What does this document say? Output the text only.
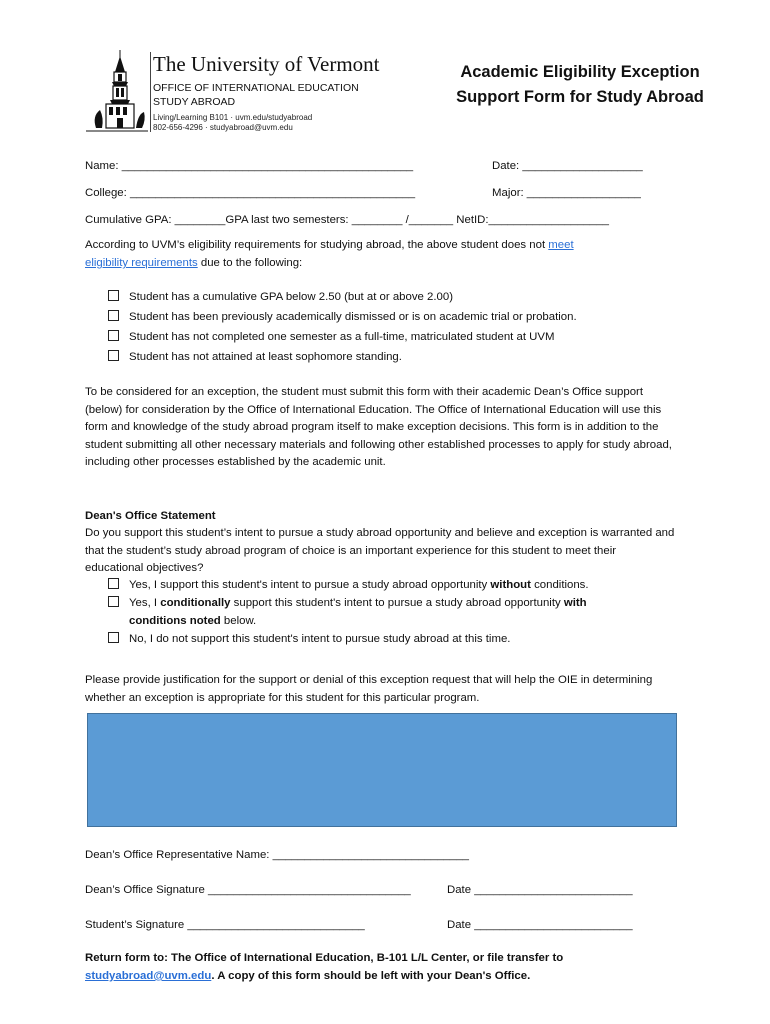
The University of Vermont
OFFICE OF INTERNATIONAL EDUCATION
STUDY ABROAD
Living/Learning B101 · uvm.edu/studyabroad
802-656-4296 · studyabroad@uvm.edu
Academic Eligibility Exception
Support Form for Study Abroad
Name: ______________________________________________	Date: ___________________
College: _____________________________________________	Major: __________________
Cumulative GPA: ________GPA last two semesters: ________ /_______ NetID:___________________
According to UVM’s eligibility requirements for studying abroad, the above student does not meet
eligibility requirements due to the following:
Student has a cumulative GPA below 2.50 (but at or above 2.00)
Student has been previously academically dismissed or is on academic trial or probation.
Student has not completed one semester as a full-time, matriculated student at UVM
Student has not attained at least sophomore standing.
To be considered for an exception, the student must submit this form with their academic Dean’s Office support (below) for consideration by the Office of International Education. The Office of International Education will use this form and knowledge of the study abroad program itself to make exception decisions. This form is in addition to the student submitting all other necessary materials and following other established processes to apply for study abroad, including other processes established by the academic unit.
Dean's Office Statement
Do you support this student’s intent to pursue a study abroad opportunity and believe and exception is warranted and that the student’s study abroad program of choice is an important experience for this student to meet their educational objectives?
Yes, I support this student's intent to pursue a study abroad opportunity without conditions.
Yes, I conditionally support this student's intent to pursue a study abroad opportunity with
conditions noted below.
No, I do not support this student's intent to pursue study abroad at this time.
Please provide justification for the support or denial of this exception request that will help the OIE in determining whether an exception is appropriate for this student for this particular program.
Dean’s Office Representative Name: _______________________________
Dean’s Office Signature ________________________________	Date _________________________
Student’s Signature ____________________________	Date _________________________
Return form to: The Office of International Education, B-101 L/L Center, or file transfer to
studyabroad@uvm.edu. A copy of this form should be left with your Dean's Office.
